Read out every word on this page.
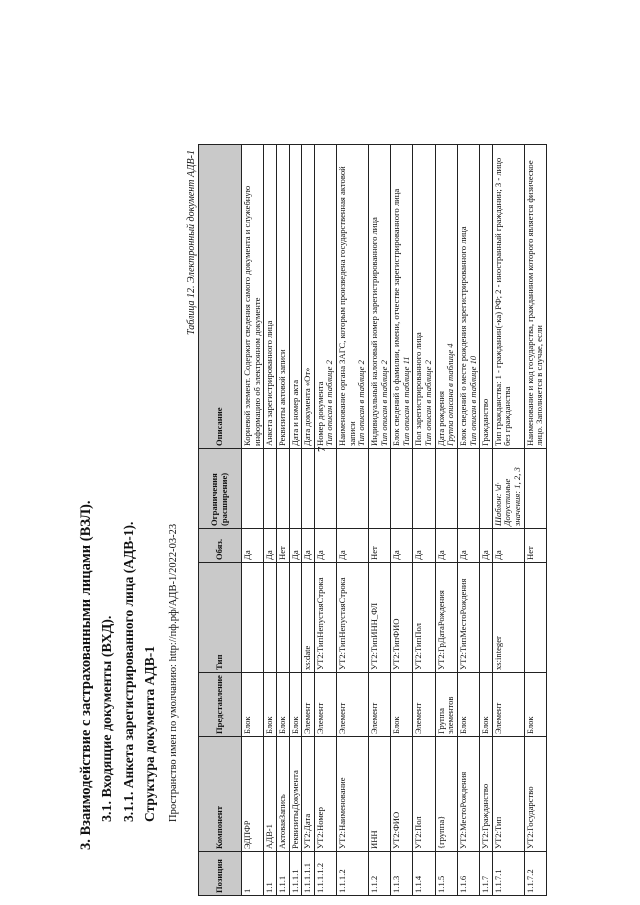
7
3. Взаимодействие с застрахованными лицами (ВЗЛ). 3.1. Входящие документы (ВХД). 3.1.1. Анкета зарегистрированного лица (АДВ-1). Структура документа АДВ-1 Пространство имен по умолчанию: http://пф.рф/АДВ-1/2022-03-23
Таблица 12. Электронный документ АДВ-1
Позиция	Компонент	Представление	Тип	Обяз.	Ограничения (расширение)	Описание
1	ЭДПФР	Блок		Да		Корневой элемент. Содержит сведения самого документа и служебную информацию об электронном документе

1.1	АДВ-1	Блок		Да		Анкета зарегистрированного лица

1.1.1	АктоваяЗапись	Блок		Нет		Реквизиты актовой записи

1.1.1.1	РеквизитыДокумента	Блок		Да		Дата и номер акта

1.1.1.1.1	УТ2:Дата	Элемент	xs:date	Да		Дата документа «От»

1.1.1.1.2	УТ2:Номер	Элемент	УТ2:ТипНепустаяСтрока	Да		Номер документа Тип описан в таблице 2

1.1.1.2	УТ2:Наименование	Элемент	УТ2:ТипНепустаяСтрока	Да		Наименование органа ЗАГС, которым произведена государственная актовой записи Тип описан в таблице 2

1.1.2	ИНН	Элемент	УТ2:ТипИНН_ФЛ	Нет		Индивидуальный налоговый номер зарегистрированного лица Тип описан в таблице 2

1.1.3	УТ2:ФИО	Блок	УТ2:ТипФИО	Да		Блок сведений о фамилии, имени, отчестве зарегистрированного лица Тип описан в таблице 11

1.1.4	УТ2:Пол	Элемент	УТ2:ТипПол	Да		Пол зарегистрированного лица Тип описан в таблице 2

1.1.5	{группа}	Группа элементов	УТ2:ГрДатаРождения	Да		Дата рождения Группа описана в таблице 4

1.1.6	УТ2:МестоРождения	Блок	УТ2:ТипМестоРождения	Да		Блок сведений о месте рождения зарегистрированного лица Тип описан в таблице 10

1.1.7	УТ2:Гражданство	Блок		Да		Гражданство

1.1.7.1	УТ2:Тип	Элемент	xs:integer	Да	Шаблон: \d· Допустимые значения: 1, 2, 3	Тип гражданства: 1 - гражданин(-ка) РФ; 2 - иностранный гражданин; 3 - лицо без гражданства

1.1.7.2	УТ2:Государство	Блок		Нет		Наименование и код государства, гражданином которого является физическое лицо. Заполняется в случае, если
